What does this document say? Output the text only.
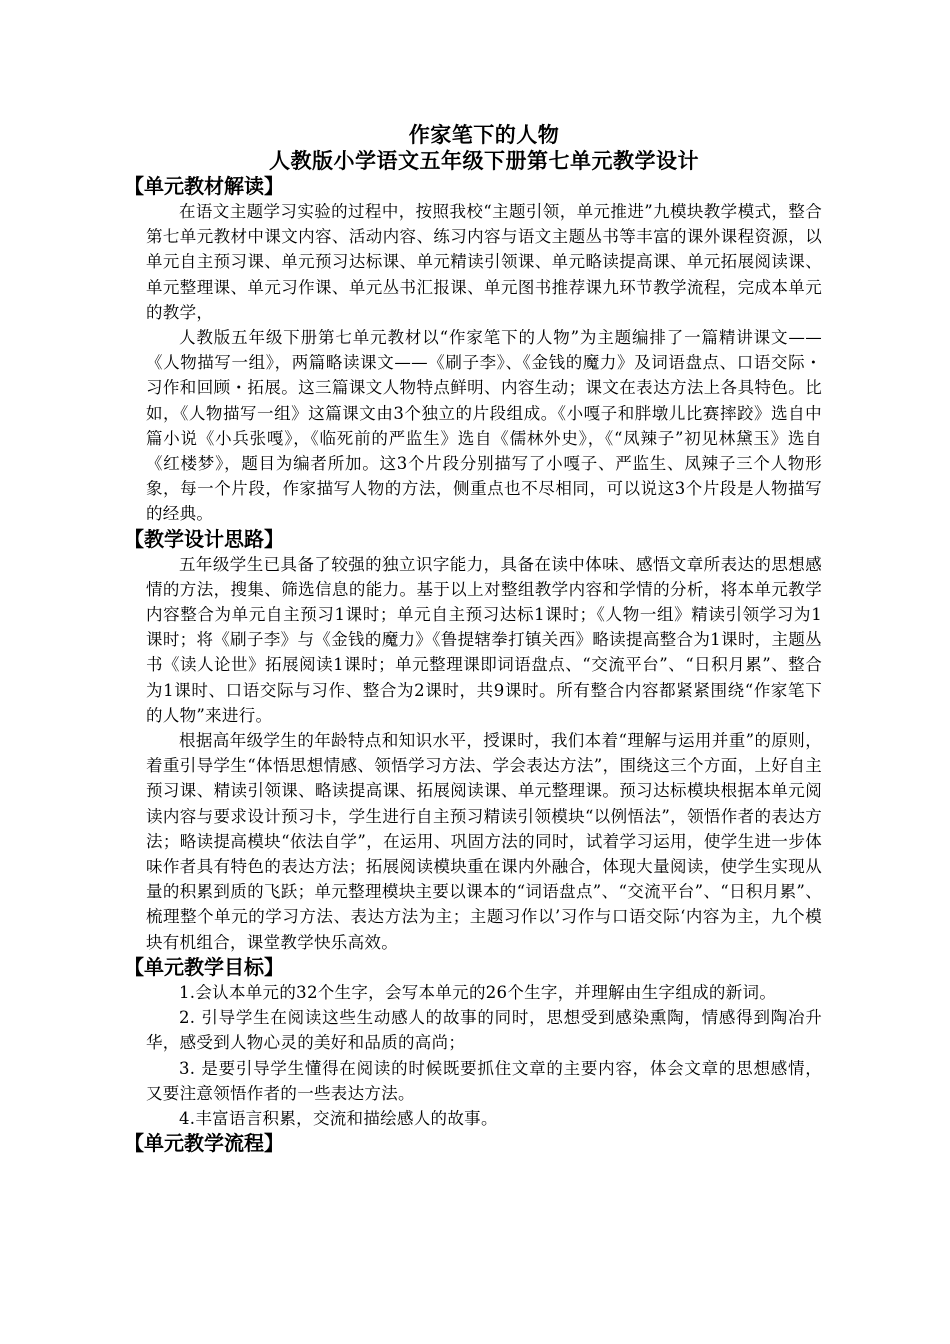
作家笔下的人物
人教版小学语文五年级下册第七单元教学设计
【单元教材解读】

在语文主题学习实验的过程中，按照我校“主题引领，单元推进”九模块教学模式，整合第七单元教材中课文内容、活动内容、练习内容与语文主题丛书等丰富的课外课程资源，以单元自主预习课、单元预习达标课、单元精读引领课、单元略读提高课、单元拓展阅读课、单元整理课、单元习作课、单元丛书汇报课、单元图书推荐课九环节教学流程，完成本单元的教学，

人教版五年级下册第七单元教材以“作家笔下的人物”为主题编排了一篇精讲课文——《人物描写一组》，两篇略读课文——《刷子李》、《金钱的魔力》及词语盘点、口语交际・习作和回顾・拓展。这三篇课文人物特点鲜明、内容生动；课文在表达方法上各具特色。比如，《人物描写一组》这篇课文由3个独立的片段组成。《小嘎子和胖墩儿比赛摔跤》选自中篇小说《小兵张嘎》，《临死前的严监生》选自《儒林外史》，《“凤辣子”初见林黛玉》选自《红楼梦》，题目为编者所加。这3个片段分别描写了小嘎子、严监生、凤辣子三个人物形象，每一个片段，作家描写人物的方法，侧重点也不尽相同，可以说这3个片段是人物描写的经典。

【教学设计思路】

五年级学生已具备了较强的独立识字能力，具备在读中体味、感悟文章所表达的思想感情的方法，搜集、筛选信息的能力。基于以上对整组教学内容和学情的分析，将本单元教学内容整合为单元自主预习1课时；单元自主预习达标1课时；《人物一组》精读引领学习为1课时；将《刷子李》与《金钱的魔力》《鲁提辖拳打镇关西》略读提高整合为1课时，主题丛书《读人论世》拓展阅读1课时；单元整理课即词语盘点、“交流平台”、“日积月累”、整合为1课时、口语交际与习作、整合为2课时，共9课时。所有整合内容都紧紧围绕“作家笔下的人物”来进行。

根据高年级学生的年龄特点和知识水平，授课时，我们本着“理解与运用并重”的原则，着重引导学生“体悟思想情感、领悟学习方法、学会表达方法”，围绕这三个方面，上好自主预习课、精读引领课、略读提高课、拓展阅读课、单元整理课。预习达标模块根据本单元阅读内容与要求设计预习卡，学生进行自主预习精读引领模块“以例悟法”，领悟作者的表达方法；略读提高模块“依法自学”，在运用、巩固方法的同时，试着学习运用，使学生进一步体味作者具有特色的表达方法；拓展阅读模块重在课内外融合，体现大量阅读，使学生实现从量的积累到质的飞跃；单元整理模块主要以课本的“词语盘点”、“交流平台”、“日积月累”、梳理整个单元的学习方法、表达方法为主；主题习作以’习作与口语交际‘内容为主，九个模块有机组合，课堂教学快乐高效。

【单元教学目标】

1.会认本单元的32个生字，会写本单元的26个生字，并理解由生字组成的新词。

2. 引导学生在阅读这些生动感人的故事的同时，思想受到感染熏陶，情感得到陶冶升华，感受到人物心灵的美好和品质的高尚；

3. 是要引导学生懂得在阅读的时候既要抓住文章的主要内容，体会文章的思想感情，又要注意领悟作者的一些表达方法。

4.丰富语言积累，交流和描绘感人的故事。

【单元教学流程】
